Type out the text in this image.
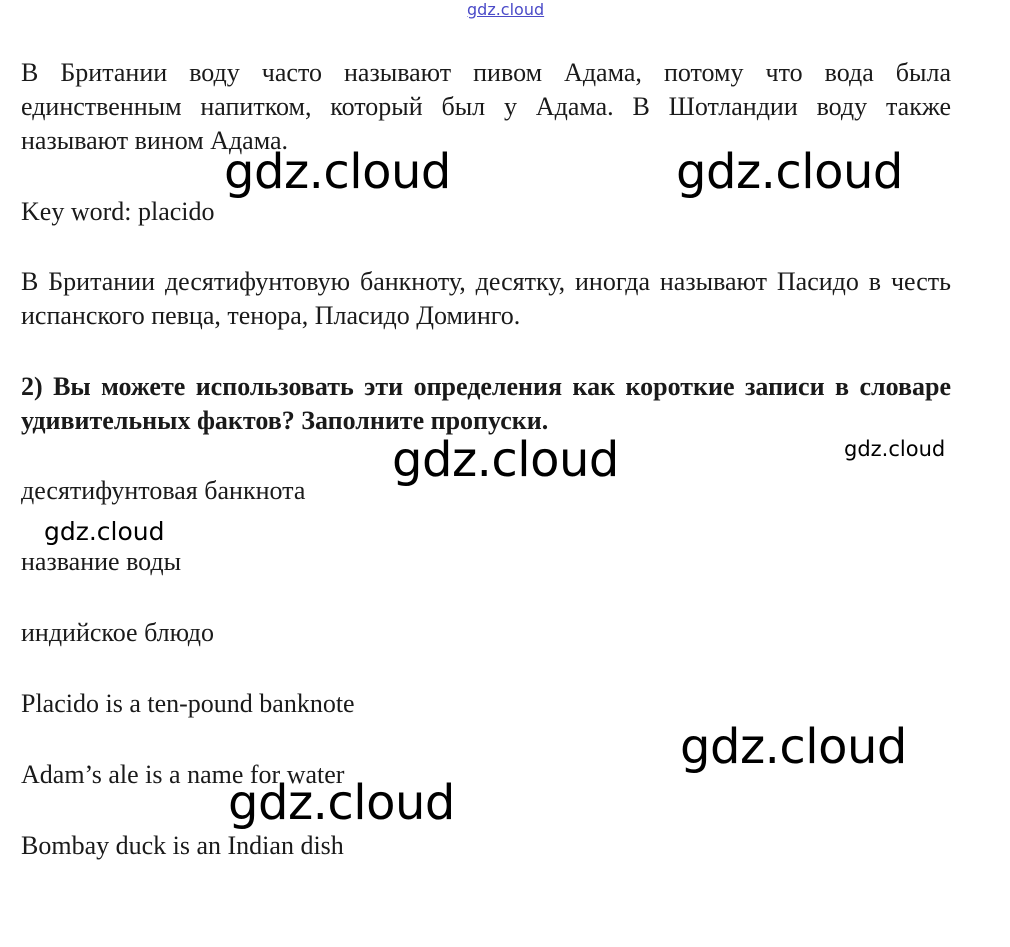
gdz.cloud

В Британии воду часто называют пивом Адама, потому что вода была единственным напитком, который был у Адама. В Шотландии воду также называют вином Адама.

Key word: placido

В Британии десятифунтовую банкноту, десятку, иногда называют Пасидо в честь испанского певца, тенора, Пласидо Доминго.

2) Вы можете использовать эти определения как короткие записи в словаре удивительных фактов? Заполните пропуски.

десятифунтовая банкнота

название воды

индийское блюдо

Placido is a ten-pound banknote

Adam’s ale is a name for water

Bombay duck is an Indian dish

gdz.cloud	gdz.cloud
gdz.cloud
gdz.cloud
gdz.cloud
gdz.cloud
gdz.cloud
